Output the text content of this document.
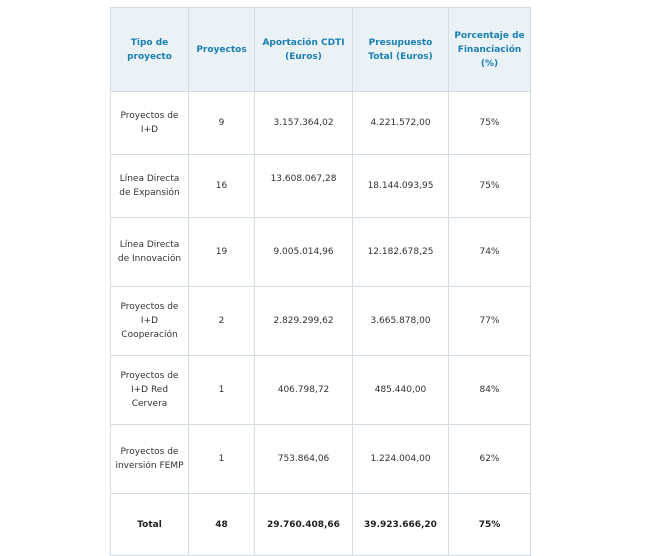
Tipo de proyecto	Proyectos	Aportación CDTI (Euros)	Presupuesto Total (Euros)	Porcentaje de Financiación (%)
Proyectos de I+D	9	3.157.364,02	4.221.572,00	75%
Línea Directa de Expansión	16	13.608.067,28	18.144.093,95	75%
Línea Directa de Innovación	19	9.005.014,96	12.182.678,25	74%
Proyectos de I+D Cooperación	2	2.829.299,62	3.665.878,00	77%
Proyectos de I+D Red Cervera	1	406.798,72	485.440,00	84%
Proyectos de inversión FEMP	1	753.864,06	1.224.004,00	62%
Total	48	29.760.408,66	39.923.666,20	75%
